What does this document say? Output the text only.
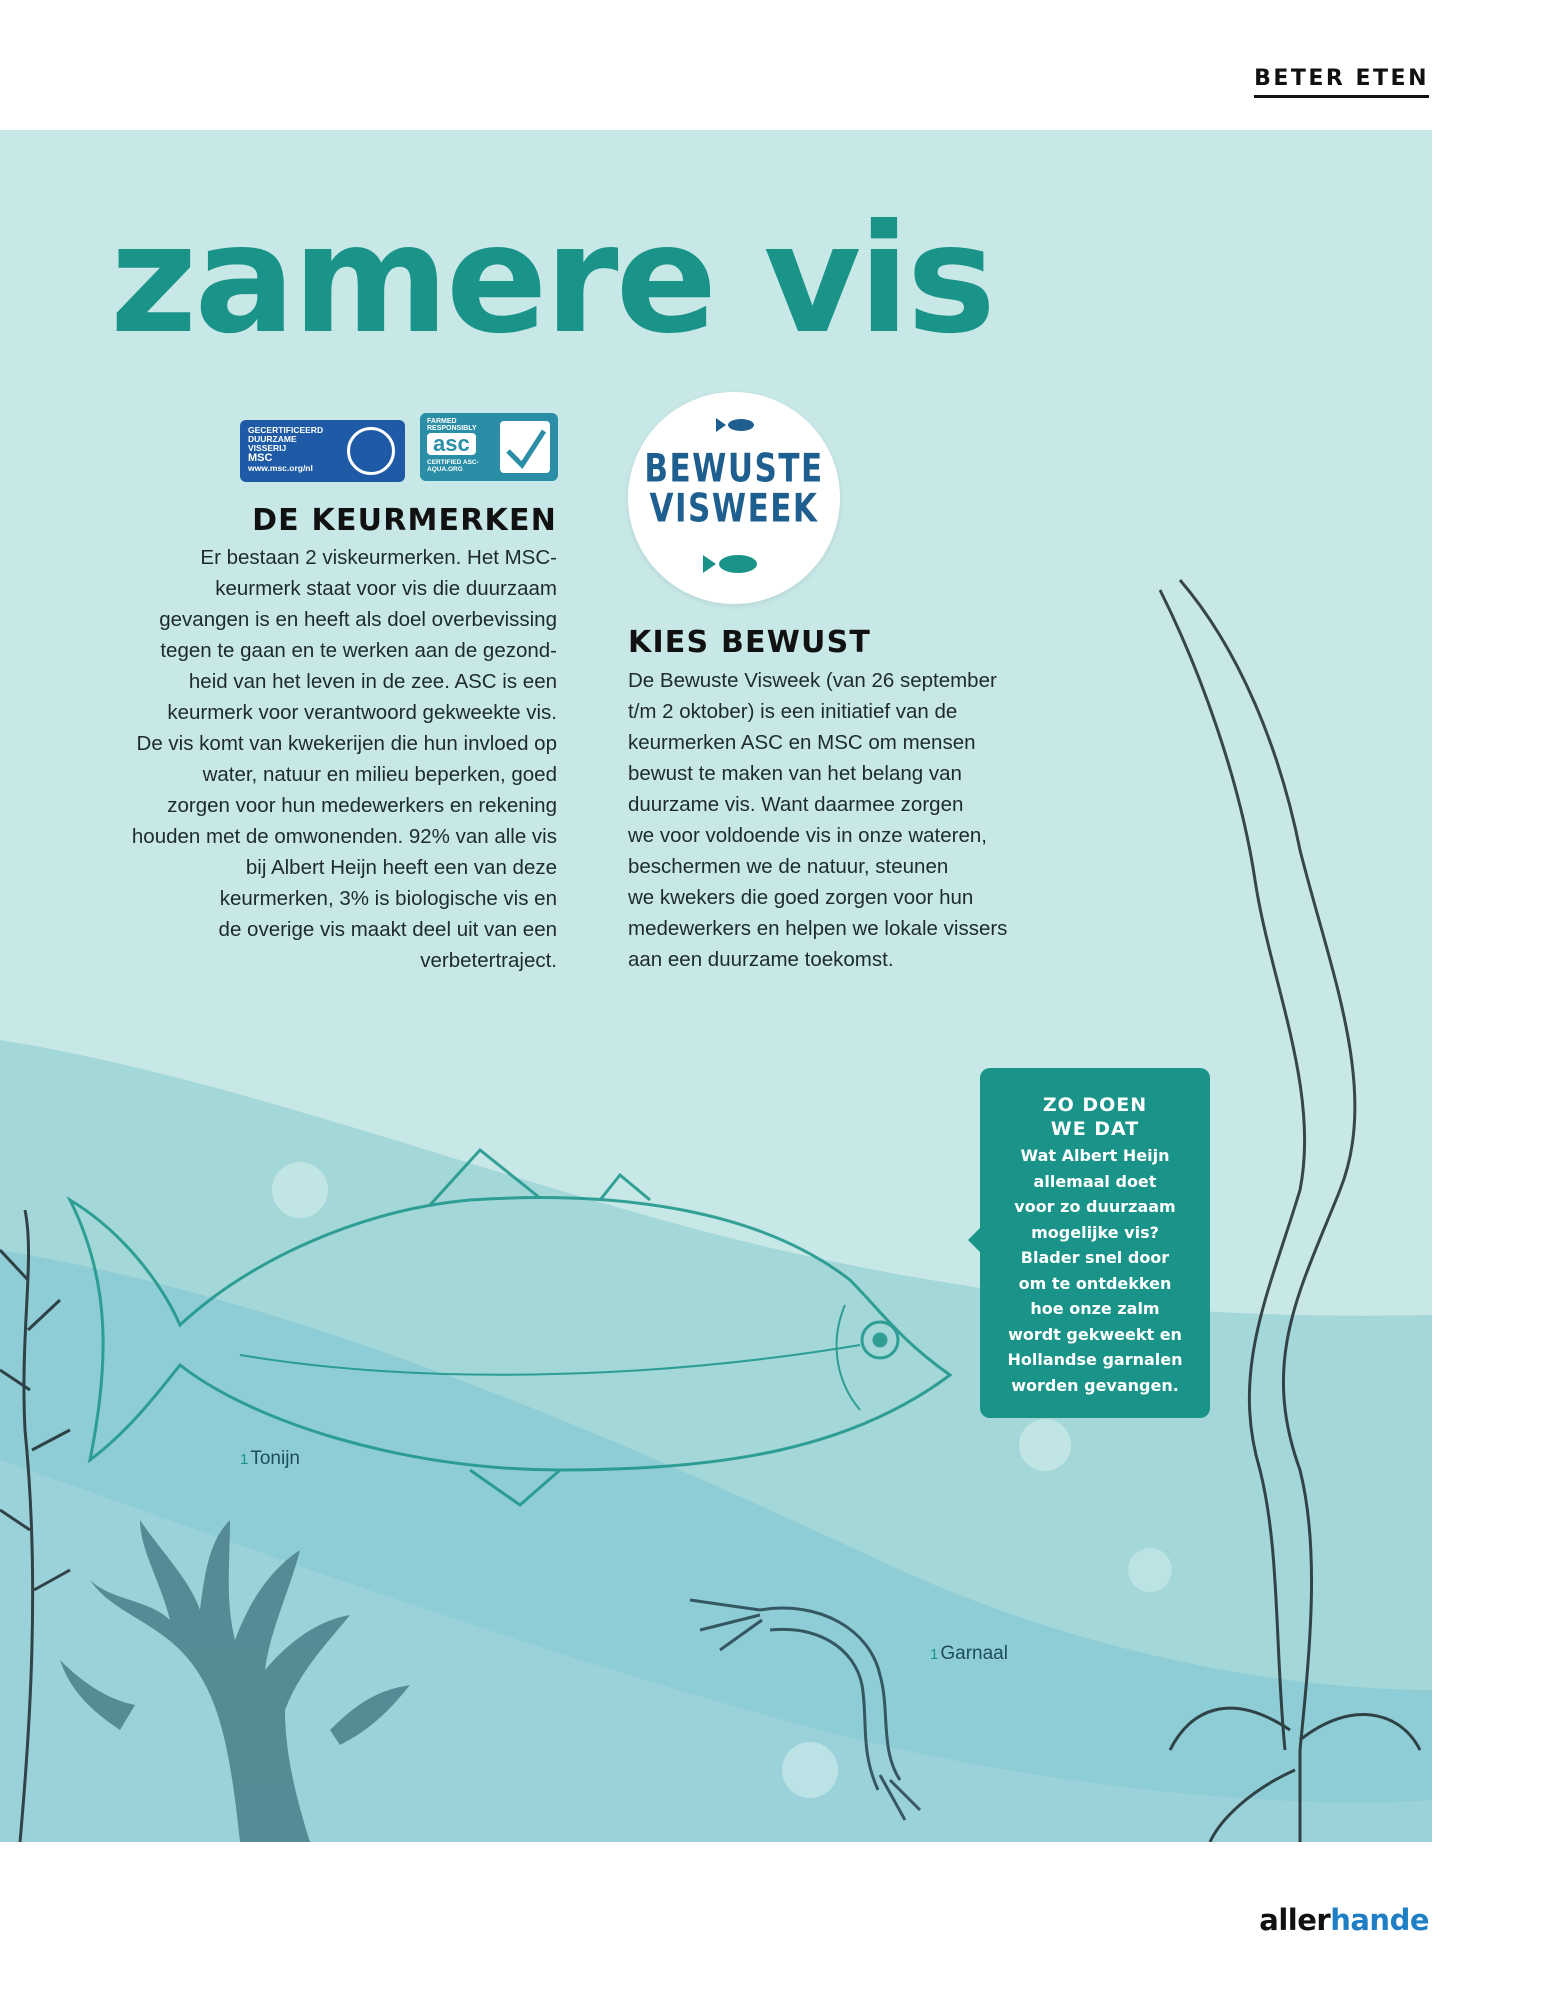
BETER ETEN
zamere vis
GECERTIFICEERD
DUURZAME
VISSERIJ
MSC
www.msc.org/nl
FARMED RESPONSIBLY
asc
CERTIFIED ASC-AQUA.ORG	BEWUSTE
VISWEEK
DE KEURMERKEN
Er bestaan 2 viskeurmerken. Het MSC-
keurmerk staat voor vis die duurzaam
gevangen is en heeft als doel overbevissing
tegen te gaan en te werken aan de gezond-
heid van het leven in de zee. ASC is een
keurmerk voor verantwoord gekweekte vis.
De vis komt van kwekerijen die hun invloed op
water, natuur en milieu beperken, goed
zorgen voor hun medewerkers en rekening
houden met de omwonenden. 92% van alle vis
bij Albert Heijn heeft een van deze
keurmerken, 3% is biologische vis en
de overige vis maakt deel uit van een
verbetertraject.
KIES BEWUST
De Bewuste Visweek (van 26 september
t/m 2 oktober) is een initiatief van de
keurmerken ASC en MSC om mensen
bewust te maken van het belang van
duurzame vis. Want daarmee zorgen
we voor voldoende vis in onze wateren,
beschermen we de natuur, steunen
we kwekers die goed zorgen voor hun
medewerkers en helpen we lokale vissers
aan een duurzame toekomst.
ZO DOEN
WE DAT
Wat Albert Heijn
allemaal doet
voor zo duurzaam
mogelijke vis?
Blader snel door
om te ontdekken
hoe onze zalm
wordt gekweekt en
Hollandse garnalen
worden gevangen.
1 Tonijn
1 Garnaal
allerhande
